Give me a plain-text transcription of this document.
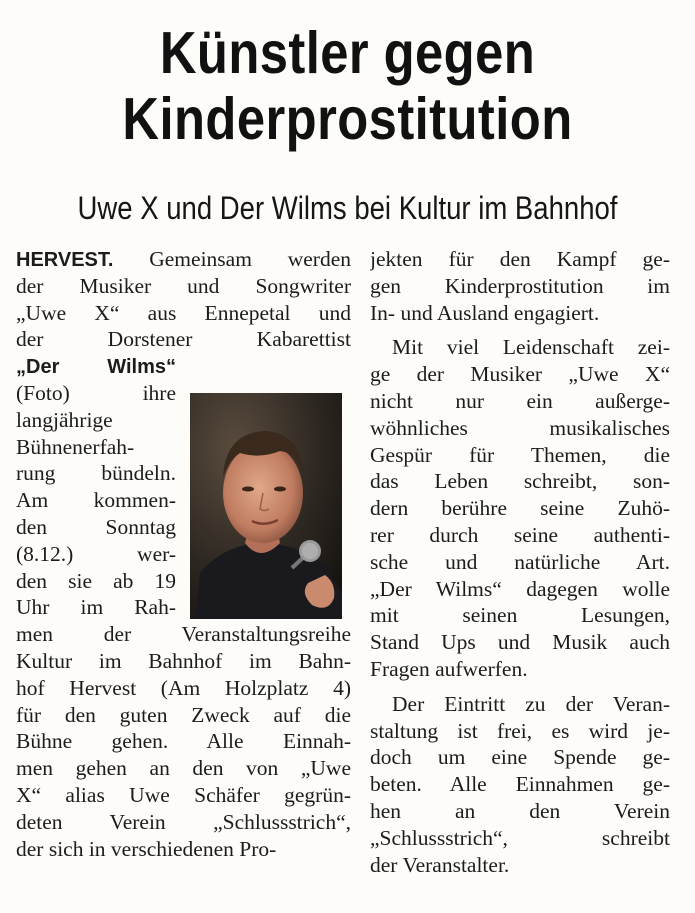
Künstler gegen
Kinderprostitution
Uwe X und Der Wilms bei Kultur im Bahnhof
HERVEST. Gemeinsam werden
der Musiker und Songwriter
„Uwe X“ aus Ennepetal und
der Dorstener Kabarettist
„Der Wilms“
(Foto) ihre
langjährige
Bühnenerfah-
rung bündeln.
Am kommen-
den Sonntag
(8.12.) wer-
den sie ab 19
Uhr im Rah-
men der Veranstaltungsreihe
Kultur im Bahnhof im Bahn-
hof Hervest (Am Holzplatz 4)
für den guten Zweck auf die
Bühne gehen. Alle Einnah-
men gehen an den von „Uwe
X“ alias Uwe Schäfer gegrün-
deten Verein „Schlussstrich“,
der sich in verschiedenen Pro-
jekten für den Kampf ge-
gen Kinderprostitution im
In- und Ausland engagiert.
Mit viel Leidenschaft zei-
ge der Musiker „Uwe X“
nicht nur ein außerge-
wöhnliches musikalisches
Gespür für Themen, die
das Leben schreibt, son-
dern berühre seine Zuhö-
rer durch seine authenti-
sche und natürliche Art.
„Der Wilms“ dagegen wolle
mit seinen Lesungen,
Stand Ups und Musik auch
Fragen aufwerfen.
Der Eintritt zu der Veran-
staltung ist frei, es wird je-
doch um eine Spende ge-
beten. Alle Einnahmen ge-
hen an den Verein
„Schlussstrich“, schreibt
der Veranstalter.
